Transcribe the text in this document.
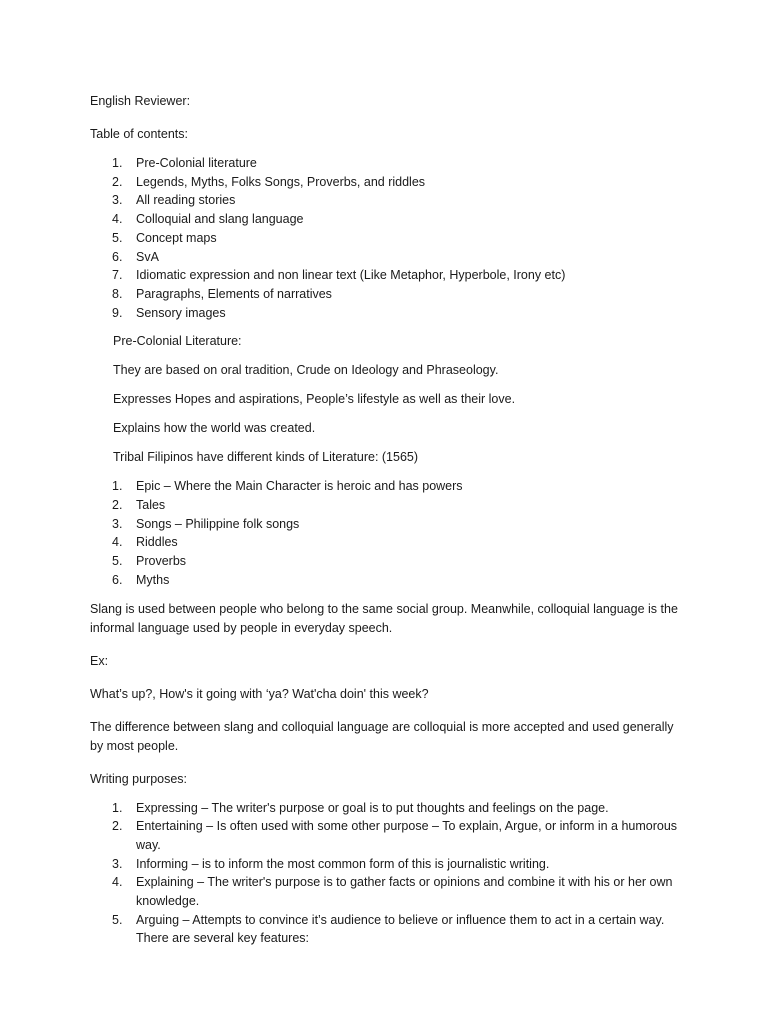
English Reviewer:

Table of contents:

1. Pre-Colonial literature
2. Legends, Myths, Folks Songs, Proverbs, and riddles
3. All reading stories
4. Colloquial and slang language
5. Concept maps
6. SvA
7. Idiomatic expression and non linear text (Like Metaphor, Hyperbole, Irony etc)
8. Paragraphs, Elements of narratives
9. Sensory images

Pre-Colonial Literature:

They are based on oral tradition, Crude on Ideology and Phraseology.

Expresses Hopes and aspirations, People’s lifestyle as well as their love.

Explains how the world was created.

Tribal Filipinos have different kinds of Literature: (1565)

1. Epic – Where the Main Character is heroic and has powers
2. Tales
3. Songs – Philippine folk songs
4. Riddles
5. Proverbs
6. Myths

Slang is used between people who belong to the same social group. Meanwhile, colloquial language is the informal language used by people in everyday speech.

Ex:

What’s up?, How's it going with ‘ya? Wat'cha doin' this week?

The difference between slang and colloquial language are colloquial is more accepted and used generally by most people.

Writing purposes:

1. Expressing – The writer's purpose or goal is to put thoughts and feelings on the page.
2. Entertaining – Is often used with some other purpose – To explain, Argue, or inform in a humorous way.
3. Informing – is to inform the most common form of this is journalistic writing.
4. Explaining – The writer's purpose is to gather facts or opinions and combine it with his or her own knowledge.
5. Arguing – Attempts to convince it’s audience to believe or influence them to act in a certain way. There are several key features:
